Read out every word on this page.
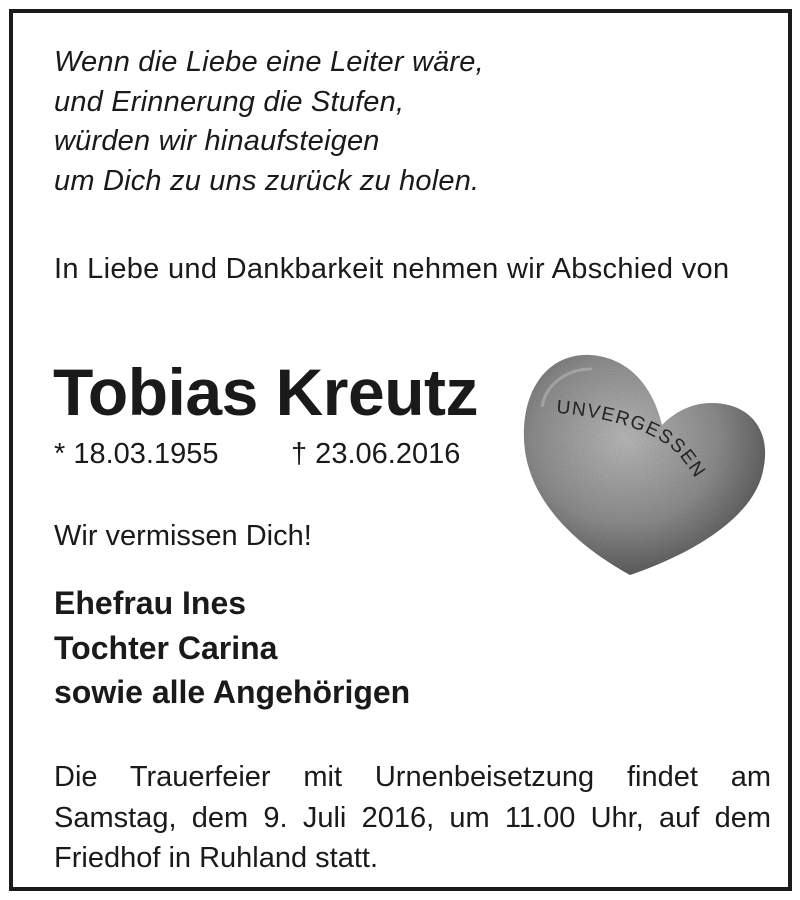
Wenn die Liebe eine Leiter wäre,
und Erinnerung die Stufen,
würden wir hinaufsteigen
um Dich zu uns zurück zu holen.
In Liebe und Dankbarkeit nehmen wir Abschied von
Tobias Kreutz
* 18.03.1955	† 23.06.2016
Wir vermissen Dich!
Ehefrau Ines
Tochter Carina
sowie alle Angehörigen
Die Trauerfeier mit Urnenbeisetzung findet am Samstag, dem 9. Juli 2016, um 11.00 Uhr, auf dem Friedhof in Ruhland statt.
UNVERGESSEN
